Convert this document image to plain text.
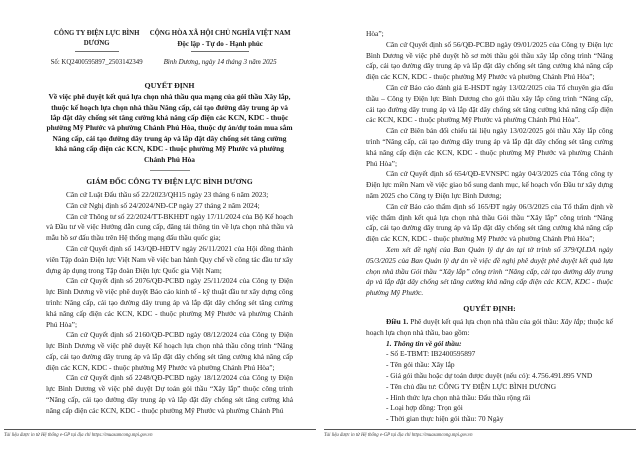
CÔNG TY ĐIỆN LỰC BÌNH DƯƠNG
Số: KQ2400595897_2503142349
CỘNG HÒA XÃ HỘI CHỦ NGHĨA VIỆT NAM
Độc lập - Tự do - Hạnh phúc
Bình Dương, ngày 14 tháng 3 năm 2025
QUYẾT ĐỊNH
Về việc phê duyệt kết quả lựa chọn nhà thầu qua mạng của gói thầu Xây lắp, thuộc kế hoạch lựa chọn nhà thầu Nâng cấp, cải tạo đường dây trung áp và lắp đặt dây chống sét tăng cường khả năng cấp điện các KCN, KDC - thuộc phường Mỹ Phước và phường Chánh Phú Hòa, thuộc dự án/dự toán mua sắm Nâng cấp, cải tạo đường dây trung áp và lắp đặt dây chống sét tăng cường khả năng cấp điện các KCN, KDC - thuộc phường Mỹ Phước và phường Chánh Phú Hòa
GIÁM ĐỐC CÔNG TY ĐIỆN LỰC BÌNH DƯƠNG

Căn cứ Luật Đấu thầu số 22/2023/QH15 ngày 23 tháng 6 năm 2023;

Căn cứ Nghị định số 24/2024/NĐ-CP ngày 27 tháng 2 năm 2024;

Căn cứ Thông tư số 22/2024/TT-BKHĐT ngày 17/11/2024 của Bộ Kế hoạch và Đầu tư về việc Hướng dẫn cung cấp, đăng tải thông tin về lựa chọn nhà thầu và mẫu hồ sơ đấu thầu trên Hệ thống mạng đấu thầu quốc gia;

Căn cứ Quyết định số 143/QĐ-HĐTV ngày 26/11/2021 của Hội đồng thành viên Tập đoàn Điện lực Việt Nam về việc ban hành Quy chế về công tác đầu tư xây dựng áp dụng trong Tập đoàn Điện lực Quốc gia Việt Nam;

Căn cứ Quyết định số 2076/QĐ-PCBD ngày 25/11/2024 của Công ty Điện lực Bình Dương về việc phê duyệt Báo cáo kinh tế - kỹ thuật đầu tư xây dựng công trình: Nâng cấp, cải tạo đường dây trung áp và lắp đặt dây chống sét tăng cường khả năng cấp điện các KCN, KDC - thuộc phường Mỹ Phước và phường Chánh Phú Hòa”;

Căn cứ Quyết định số 2160/QĐ-PCBD ngày 08/12/2024 của Công ty Điện lực Bình Dương về việc phê duyệt Kế hoạch lựa chọn nhà thầu công trình “Nâng cấp, cải tạo đường dây trung áp và lắp đặt dây chống sét tăng cường khả năng cấp điện các KCN, KDC - thuộc phường Mỹ Phước và phường Chánh Phú Hòa”;

Căn cứ Quyết định số 2248/QĐ-PCBD ngày 18/12/2024 của Công ty Điện lực Bình Dương về việc phê duyệt Dự toán gói thầu “Xây lắp” thuộc công trình “Nâng cấp, cải tạo đường dây trung áp và lắp đặt dây chống sét tăng cường khả năng cấp điện các KCN, KDC - thuộc phường Mỹ Phước và phường Chánh Phú

Tài liệu được in từ Hệ thống e-GP tại địa chỉ https://muasamcong.mpi.gov.vn

Hòa”;

Căn cứ Quyết định số 56/QĐ-PCBD ngày 09/01/2025 của Công ty Điện lực Bình Dương về việc phê duyệt hồ sơ mời thầu gói thầu xây lắp công trình “Nâng cấp, cải tạo đường dây trung áp và lắp đặt dây chống sét tăng cường khả năng cấp điện các KCN, KDC - thuộc phường Mỹ Phước và phường Chánh Phú Hòa”;

Căn cứ Báo cáo đánh giá E-HSDT ngày 13/02/2025 của Tổ chuyên gia đấu thầu – Công ty Điện lực Bình Dương cho gói thầu xây lắp công trình “Nâng cấp, cải tạo đường dây trung áp và lắp đặt dây chống sét tăng cường khả năng cấp điện các KCN, KDC - thuộc phường Mỹ Phước và phường Chánh Phú Hòa”.

Căn cứ Biên bản đối chiếu tài liệu ngày 13/02/2025 gói thầu Xây lắp công trình “Nâng cấp, cải tạo đường dây trung áp và lắp đặt dây chống sét tăng cường khả năng cấp điện các KCN, KDC - thuộc phường Mỹ Phước và phường Chánh Phú Hòa”;

Căn cứ Quyết định số 654/QĐ-EVNSPC ngày 04/3/2025 của Tổng công ty Điện lực miền Nam về việc giao bổ sung danh mục, kế hoạch vốn Đầu tư xây dựng năm 2025 cho Công ty Điện lực Bình Dương;

Căn cứ Báo cáo thẩm định số 165/ĐT ngày 06/3/2025 của Tổ thẩm định về việc thẩm định kết quả lựa chọn nhà thầu Gói thầu “Xây lắp” công trình “Nâng cấp, cải tạo đường dây trung áp và lắp đặt dây chống sét tăng cường khả năng cấp điện các KCN, KDC - thuộc phường Mỹ Phước và phường Chánh Phú Hòa”;

Xem xét đề nghị của Ban Quản lý dự án tại tờ trình số 379/QLDA ngày 05/3/2025 của Ban Quản lý dự án về việc đề nghị phê duyệt phê duyệt kết quả lựa chọn nhà thầu Gói thầu “Xây lắp” công trình “Nâng cấp, cải tạo đường dây trung áp và lắp đặt dây chống sét tăng cường khả năng cấp điện các KCN, KDC - thuộc phường Mỹ Phước.

QUYẾT ĐỊNH:

Điều 1. Phê duyệt kết quả lựa chọn nhà thầu của gói thầu: Xây lắp; thuộc kế hoạch lựa chọn nhà thầu, bao gồm:

1. Thông tin về gói thầu:

- Số E-TBMT: IB2400595897

- Tên gói thầu: Xây lắp

- Giá gói thầu hoặc dự toán được duyệt (nếu có): 4.756.491.895 VND

- Tên chủ đầu tư: CÔNG TY ĐIỆN LỰC BÌNH DƯƠNG

- Hình thức lựa chọn nhà thầu: Đấu thầu rộng rãi

- Loại hợp đồng: Trọn gói

- Thời gian thực hiện gói thầu: 70 Ngày

Tài liệu được in từ Hệ thống e-GP tại địa chỉ https://muasamcong.mpi.gov.vn
